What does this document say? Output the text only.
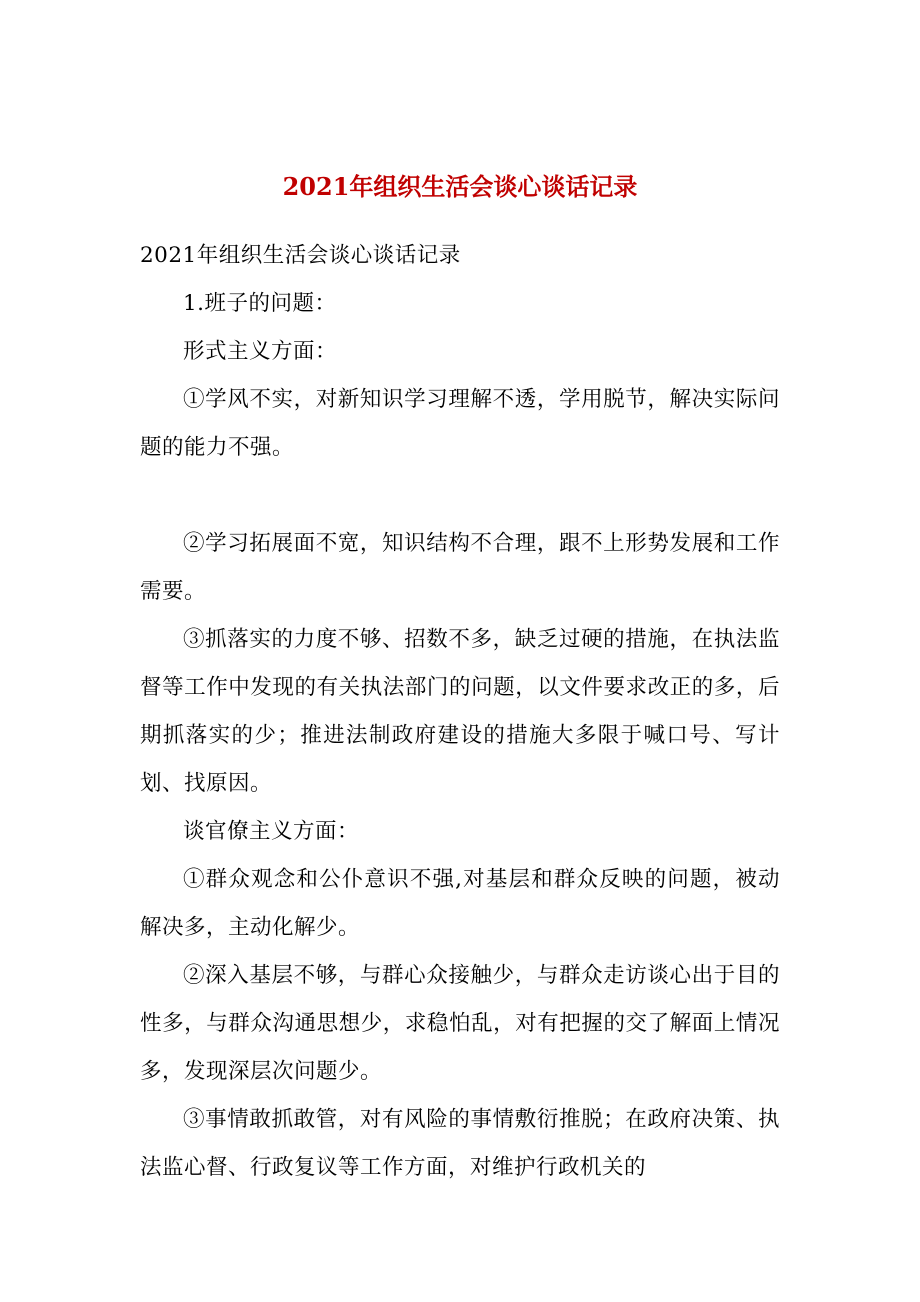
2021年组织生活会谈心谈话记录

2021年组织生活会谈心谈话记录

1.班子的问题：

形式主义方面：

①学风不实，对新知识学习理解不透，学用脱节，解决实际问题的能力不强。

②学习拓展面不宽，知识结构不合理，跟不上形势发展和工作需要。

③抓落实的力度不够、招数不多，缺乏过硬的措施，在执法监督等工作中发现的有关执法部门的问题，以文件要求改正的多，后期抓落实的少；推进法制政府建设的措施大多限于喊口号、写计划、找原因。

谈官僚主义方面：

①群众观念和公仆意识不强,对基层和群众反映的问题，被动解决多，主动化解少。

②深入基层不够，与群心众接触少，与群众走访谈心出于目的性多，与群众沟通思想少，求稳怕乱，对有把握的交了解面上情况多，发现深层次问题少。

③事情敢抓敢管，对有风险的事情敷衍推脱；在政府决策、执法监心督、行政复议等工作方面，对维护行政机关的
